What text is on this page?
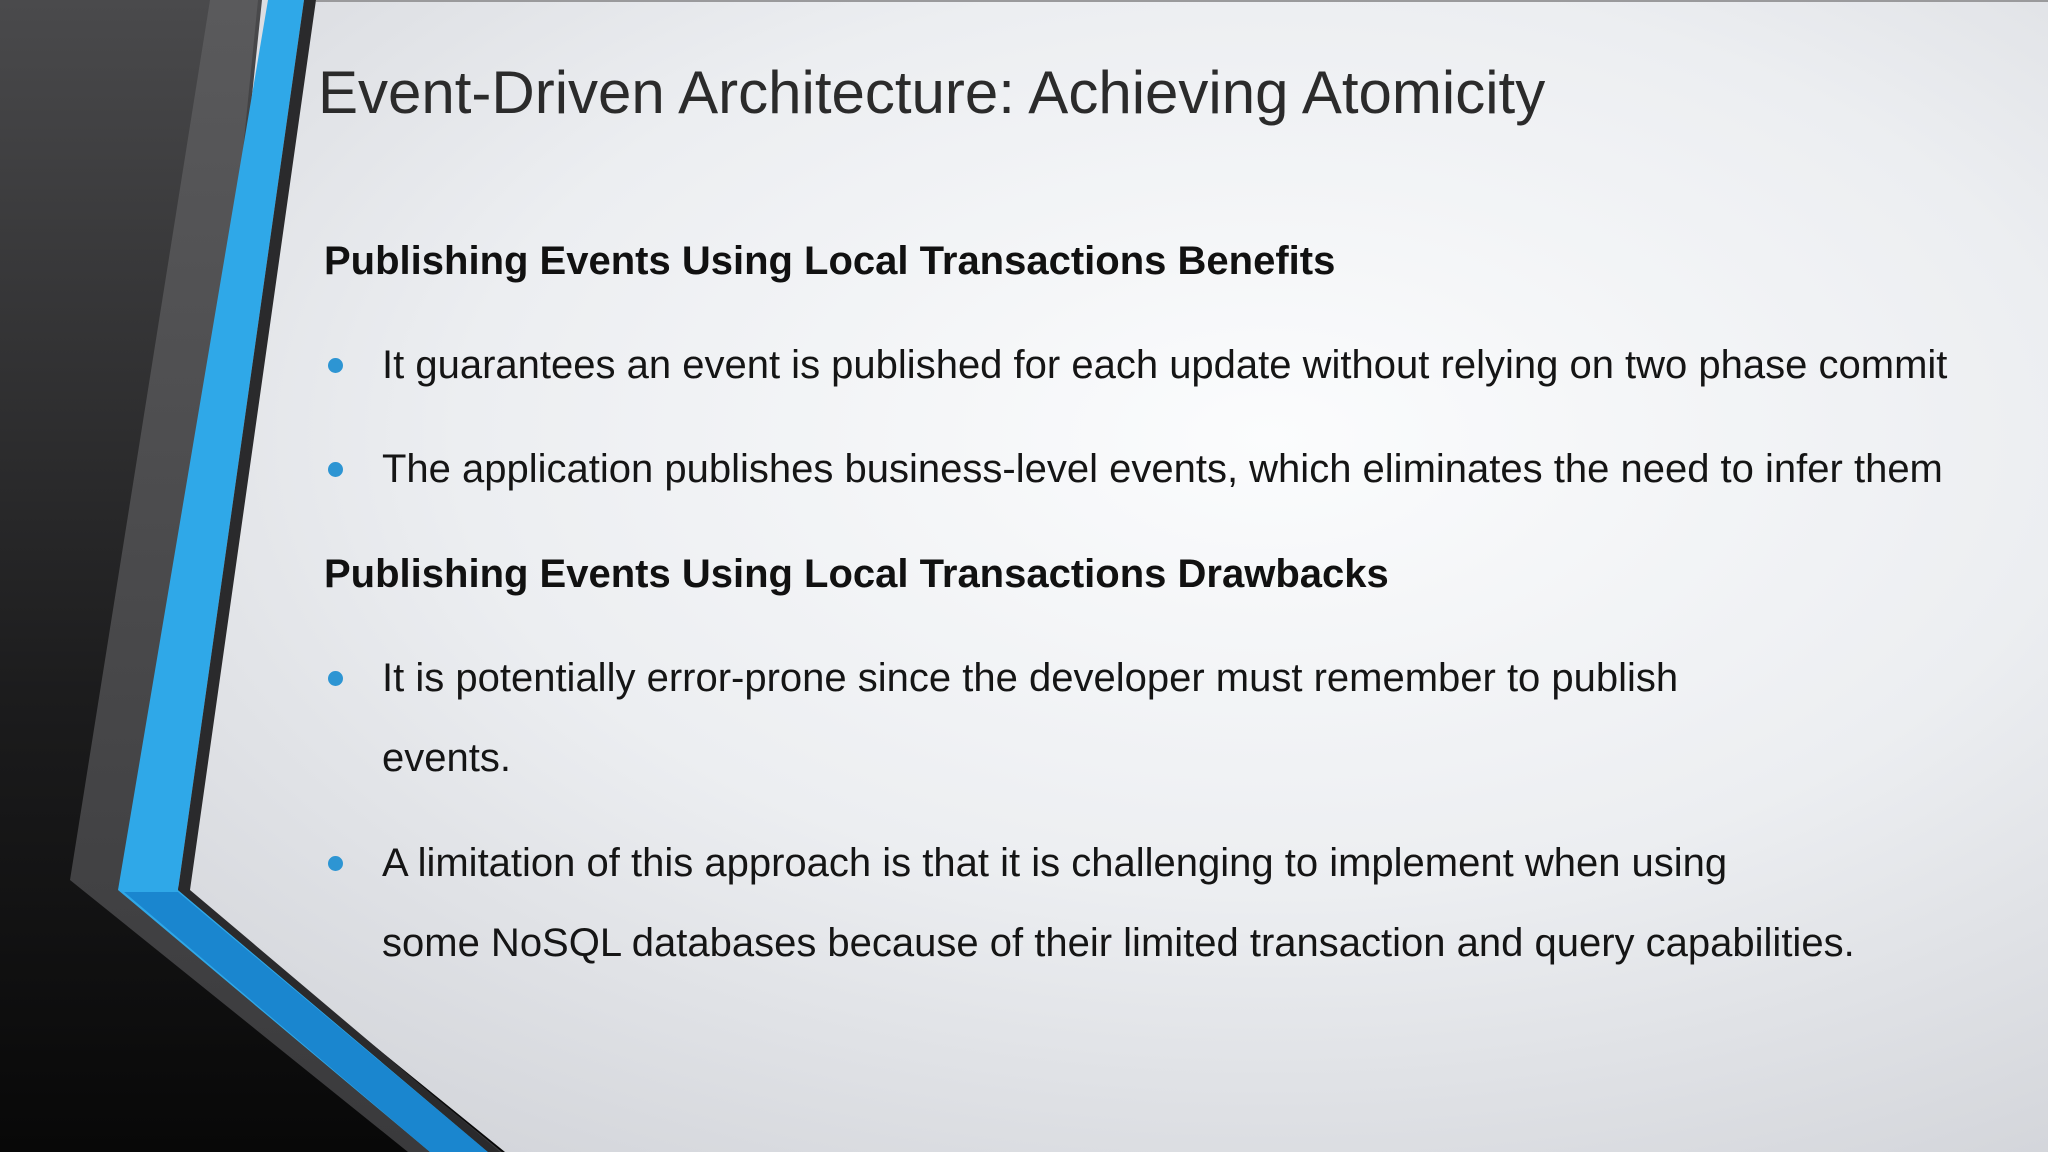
Event-Driven Architecture: Achieving Atomicity
Publishing Events Using Local Transactions Benefits
It guarantees an event is published for each update without relying on two phase commit
The application publishes business-level events, which eliminates the need to infer them
Publishing Events Using Local Transactions Drawbacks
It is potentially error-prone since the developer must remember to publish
events.
A limitation of this approach is that it is challenging to implement when using
some NoSQL databases because of their limited transaction and query capabilities.
